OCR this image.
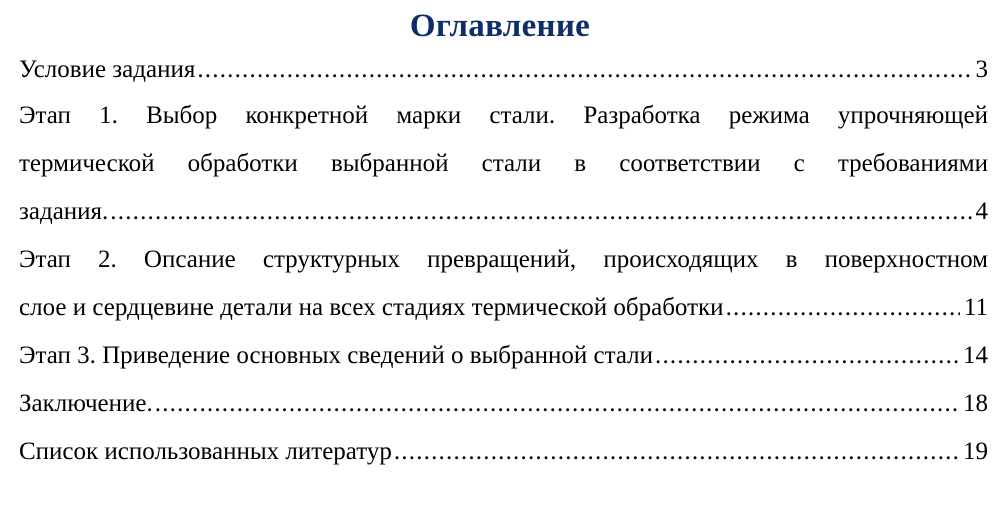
Оглавление
Условие задания .....	3
Этап 1. Выбор конкретной марки стали. Разработка режима упрочняющей
термической обработки выбранной стали в соответствии с требованиями
задания. .....	4
Этап 2. Опсание структурных превращений, происходящих в поверхностном
слое и сердцевине детали на всех стадиях термической обработки .....	11
Этап 3. Приведение основных сведений о выбранной стали .....	14
Заключение. .....	18
Список использованных литератур .....	19
